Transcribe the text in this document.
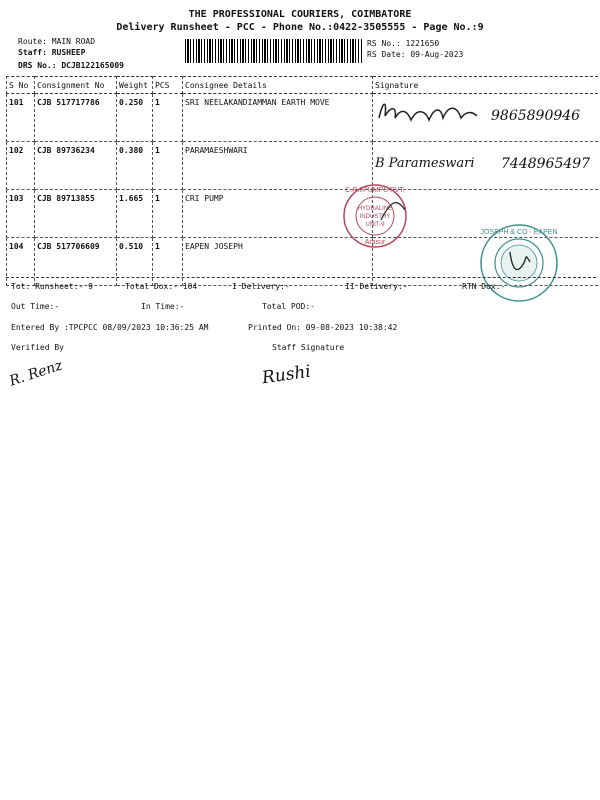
THE PROFESSIONAL COURIERS, COIMBATORE
Delivery Runsheet - PCC - Phone No.:0422-3505555 - Page No.:9
Route: MAIN ROAD
Staff: RUSHEEP
DRS No.: DCJB122165009
RS No.: 1221650
RS Date: 09-Aug-2023
S No	Consignment No	Weight	PCS	Consignee Details	Signature
101	CJB 517717786	0.250	1	SRI NEELAKANDIAMMAN EARTH MOVE	9865890946

102	CJB 89736234	0.380	1	PARAMAESHWARI	B Parameswari 7448965497

103	CJB 89713855	1.665	1	CRI PUMP	
104	CJB 517706609	0.510	1	EAPEN JOSEPH	
C.R.I.PUMPS PVT.
HYDRALINE
INDUSTRY
UNIT-9
Arasur
JOSEPH & CO · EAPEN
Tot. Runsheet:- 9	Total Dox:- 104	I Delivery:-	II Delivery:-	RTN Dox:-
Out Time:-	In Time:-	Total POD:-
Entered By :TPCPCC 08/09/2023 10:36:25 AM	Printed On: 09-08-2023 10:38:42
Verified By	Staff Signature
R. Renz	Rushi
